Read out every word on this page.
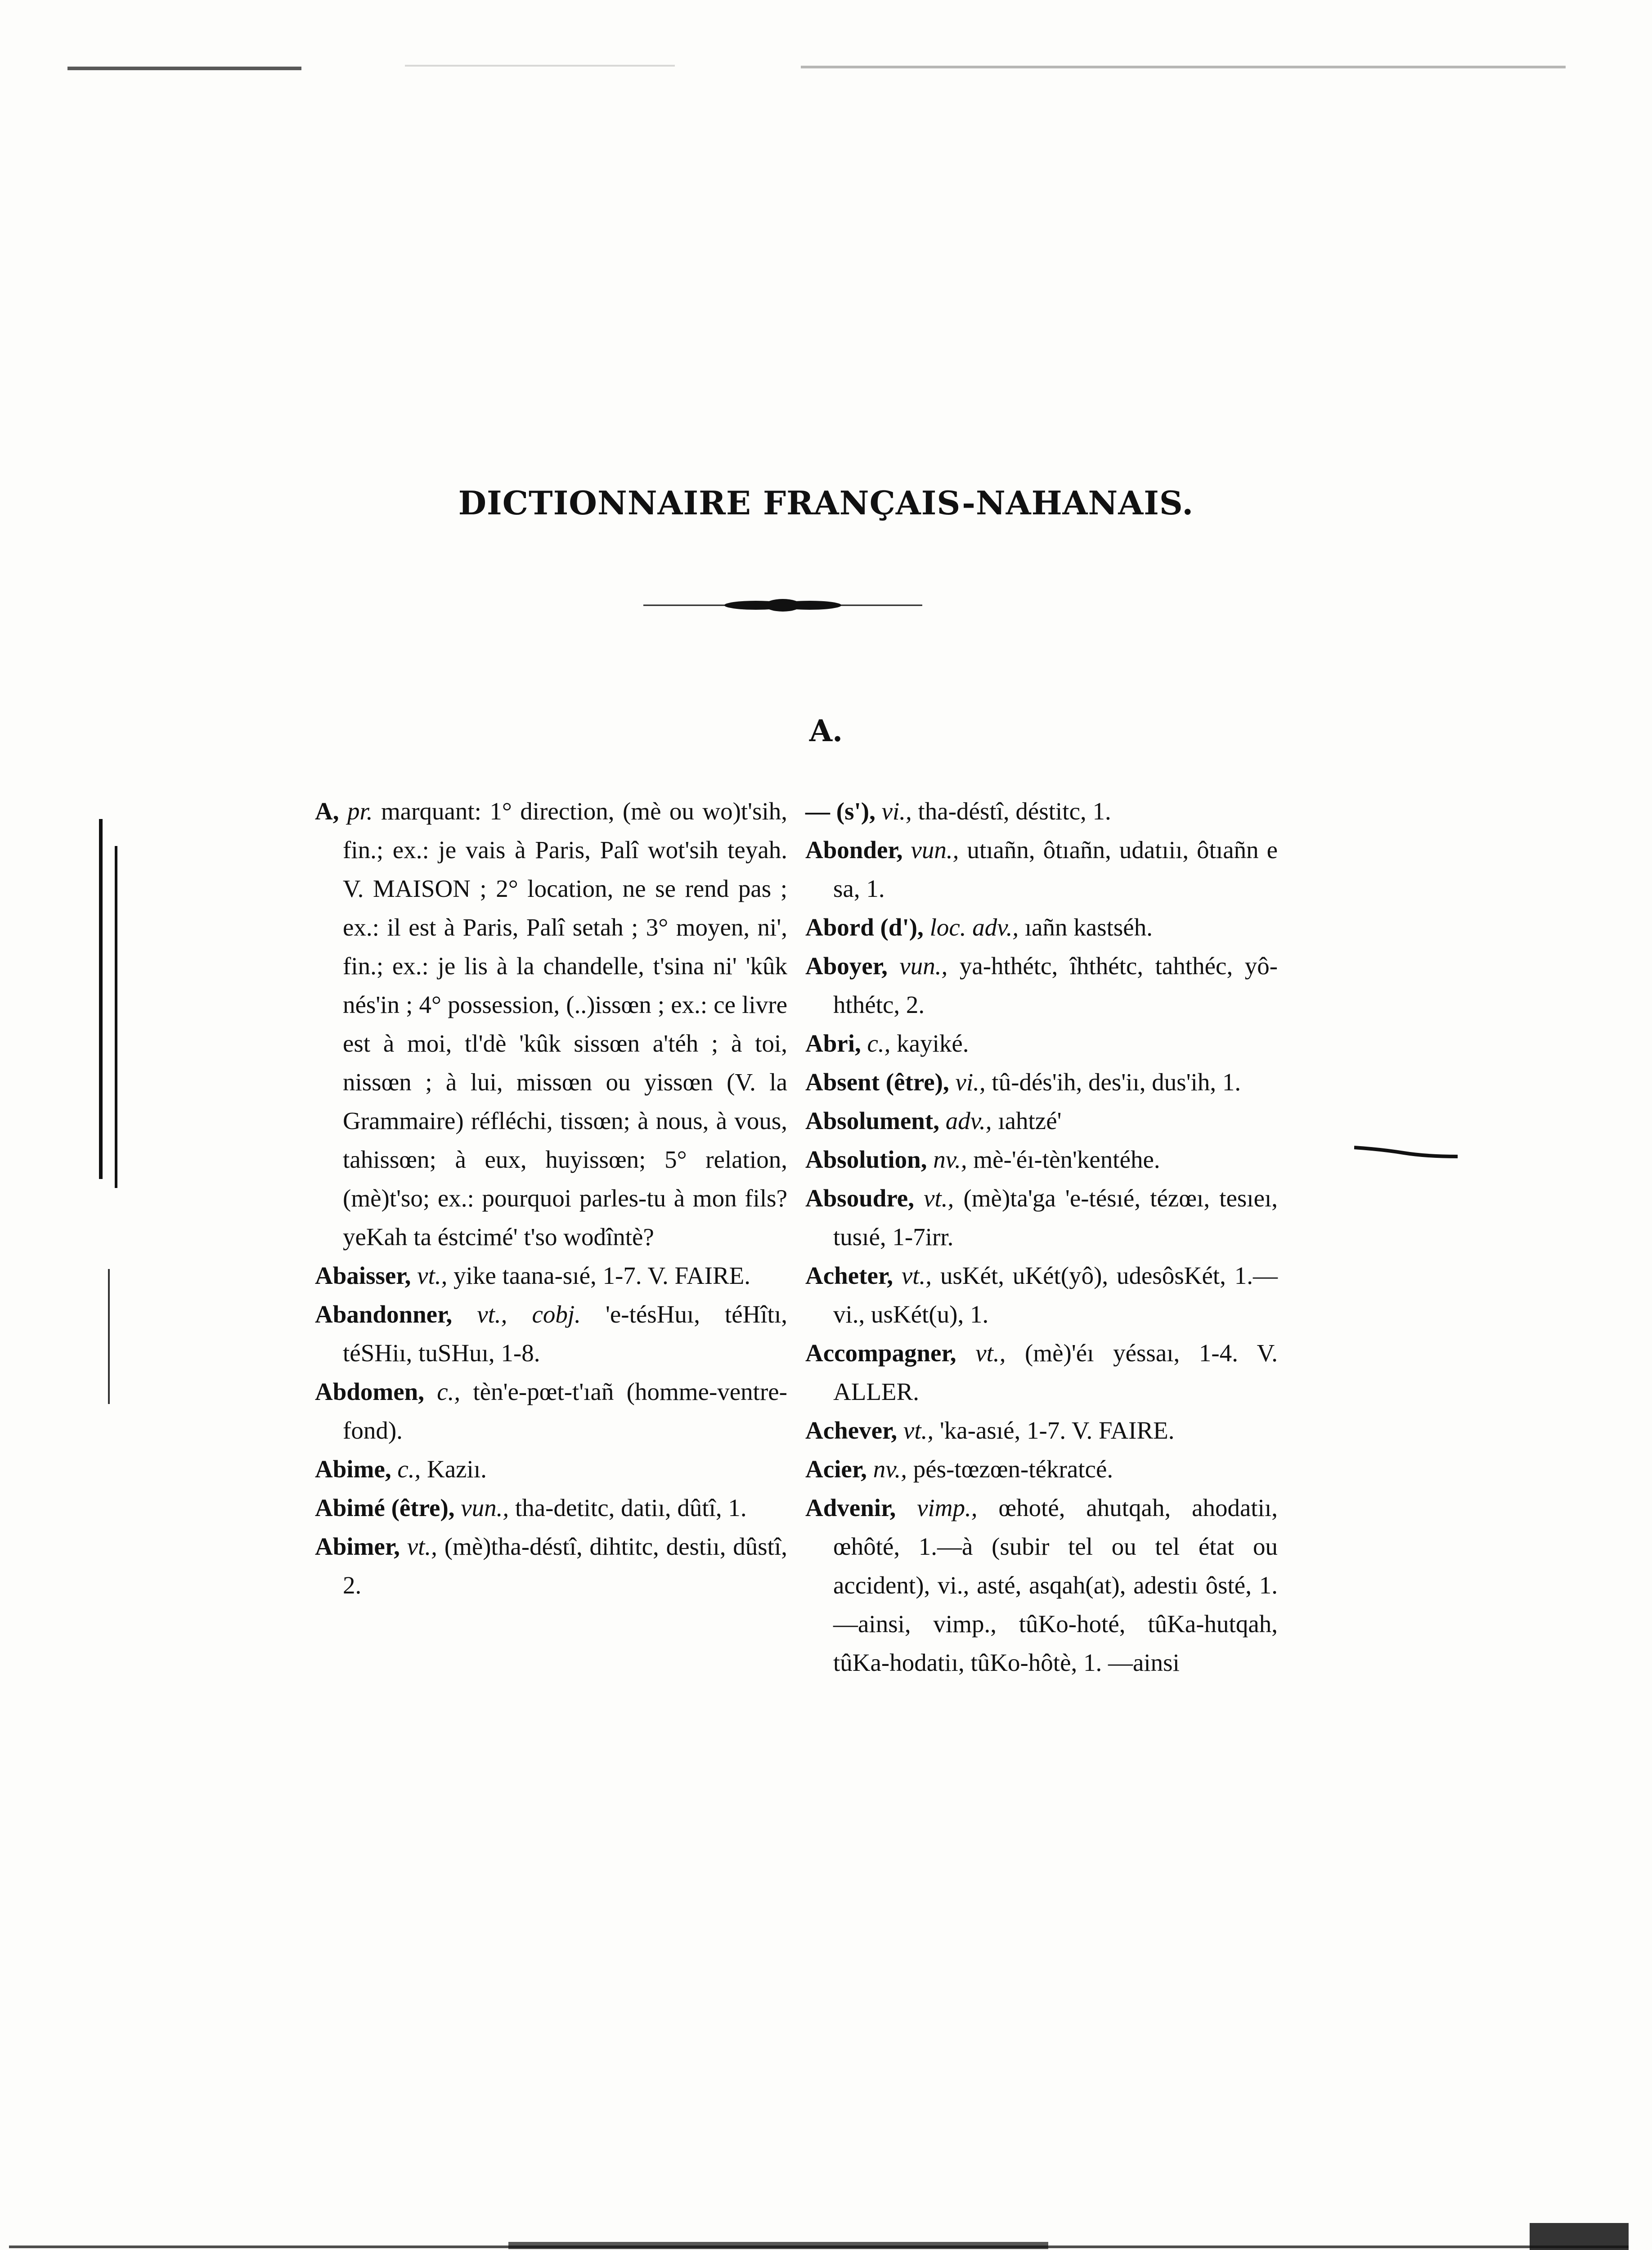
DICTIONNAIRE FRANÇAIS-NAHANAIS.
A.

A, pr. marquant: 1° direction, (mè ou wo)t'sih, fin.; ex.: je vais à Paris, Palî wot'sih teyah. V. MAISON ; 2° location, ne se rend pas ; ex.: il est à Paris, Palî setah ; 3° moyen, ni', fin.; ex.: je lis à la chandelle, t'sina ni' 'kûk nés'in ; 4° possession, (..)issœn ; ex.: ce livre est à moi, tl'dè 'kûk sissœn a'téh ; à toi, nissœn ; à lui, missœn ou yissœn (V. la Grammaire) réfléchi, tissœn; à nous, à vous, tahissœn; à eux, huyissœn; 5° relation, (mè)t'so; ex.: pourquoi parles-tu à mon fils? yeKah ta éstcimé' t'so wodîntè?

Abaisser, vt., yike taana-sıé, 1-7. V. FAIRE.

Abandonner, vt., cobj. 'e-tésHuı, téHîtı, téSHiı, tuSHuı, 1-8.

Abdomen, c., tèn'e-pœt-t'ıañ (homme-ventre-fond).

Abime, c., Kaziı.

Abimé (être), vun., tha-detitc, datiı, dûtî, 1.

Abimer, vt., (mè)tha-déstî, dihtitc, destiı, dûstî, 2.

— (s'), vi., tha-déstî, déstitc, 1.

Abonder, vun., utıañn, ôtıañn, udatıiı, ôtıañn e sa, 1.

Abord (d'), loc. adv., ıañn kastséh.

Aboyer, vun., ya-hthétc, îhthétc, tahthéc, yô-hthétc, 2.

Abri, c., kayiké.

Absent (être), vi., tû-dés'ih, des'iı, dus'ih, 1.

Absolument, adv., ıahtzé'

Absolution, nv., mè-'éı-tèn'kentéhe.

Absoudre, vt., (mè)ta'ga 'e-tésıé, tézœı, tesıeı, tusıé, 1-7irr.

Acheter, vt., usKét, uKét(yô), udesôsKét, 1.—vi., usKét(u), 1.

Accompagner, vt., (mè)'éı yéssaı, 1-4. V. ALLER.

Achever, vt., 'ka-asıé, 1-7. V. FAIRE.

Acier, nv., pés-tœzœn-tékratcé.

Advenir, vimp., œhoté, ahutqah, ahodatiı, œhôté, 1.—à (subir tel ou tel état ou accident), vi., asté, asqah(at), adestiı ôsté, 1. —ainsi, vimp., tûKo-hoté, tûKa-hutqah, tûKa-hodatiı, tûKo-hôtè, 1. —ainsi
